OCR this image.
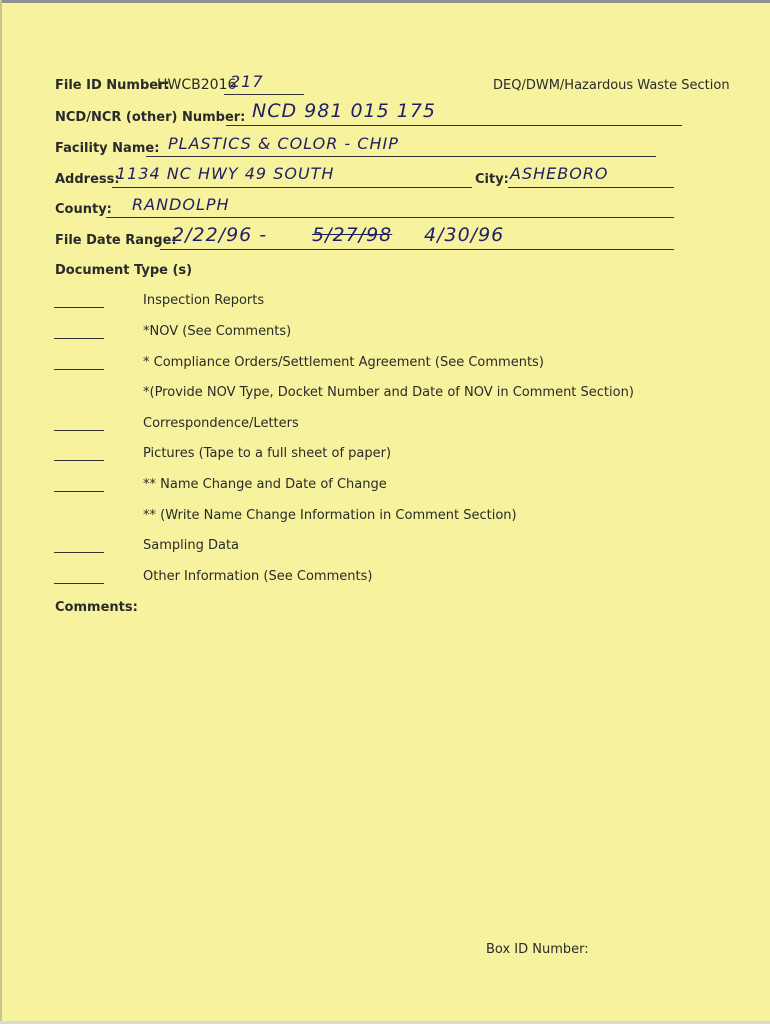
File ID Number:
HWCB2016
217	DEQ/DWM/Hazardous Waste Section
NCD/NCR (other) Number: NCD 981 015 175
Facility Name: PLASTICS & COLOR - CHIP
Address:
1134 NC HWY 49 SOUTH	City: ASHEBORO
County: RANDOLPH
File Date Range:
2/22/96 - 5/27/98 4/30/96
Document Type (s)
Inspection Reports
*NOV (See Comments)
* Compliance Orders/Settlement Agreement (See Comments)
*(Provide NOV Type, Docket Number and Date of NOV in Comment Section)
Correspondence/Letters
Pictures (Tape to a full sheet of paper)
** Name Change and Date of Change
** (Write Name Change Information in Comment Section)
Sampling Data
Other Information (See Comments)
Comments:
Box ID Number:
